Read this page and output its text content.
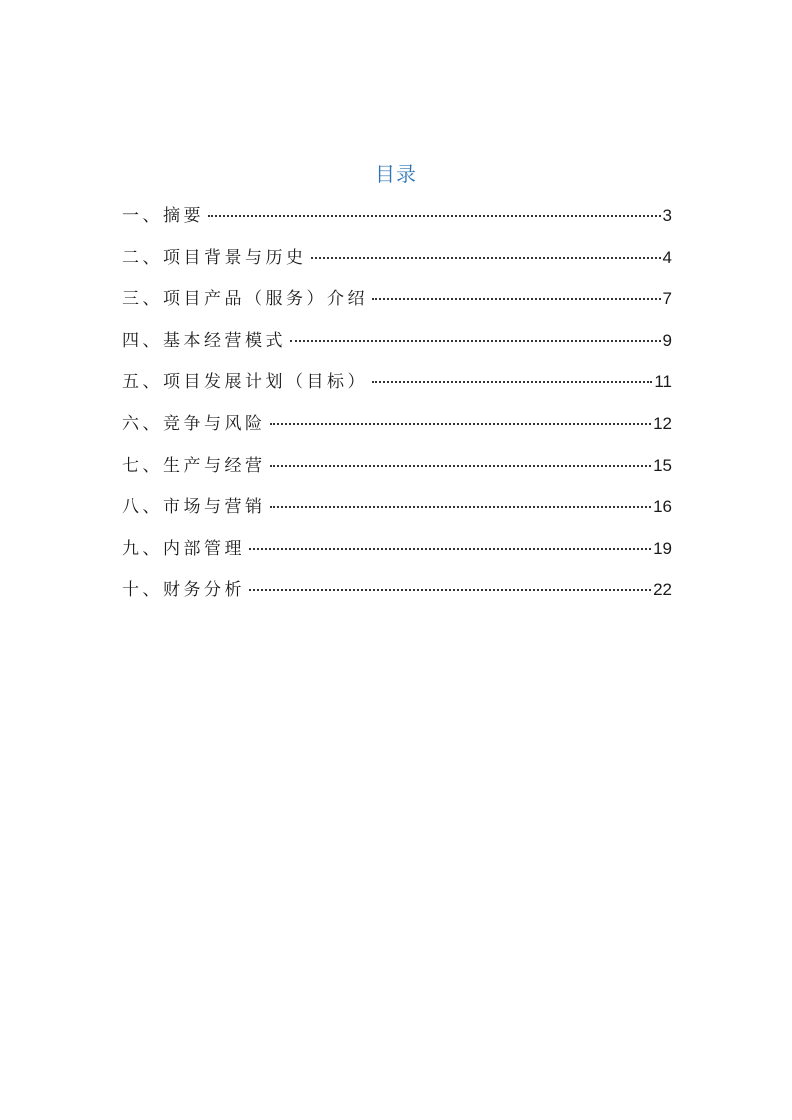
目录
一、摘要	3
二、项目背景与历史	4
三、项目产品（服务）介绍	7
四、基本经营模式	9
五、项目发展计划（目标）	11
六、竞争与风险	12
七、生产与经营	15
八、市场与营销	16
九、内部管理	19
十、财务分析	22
